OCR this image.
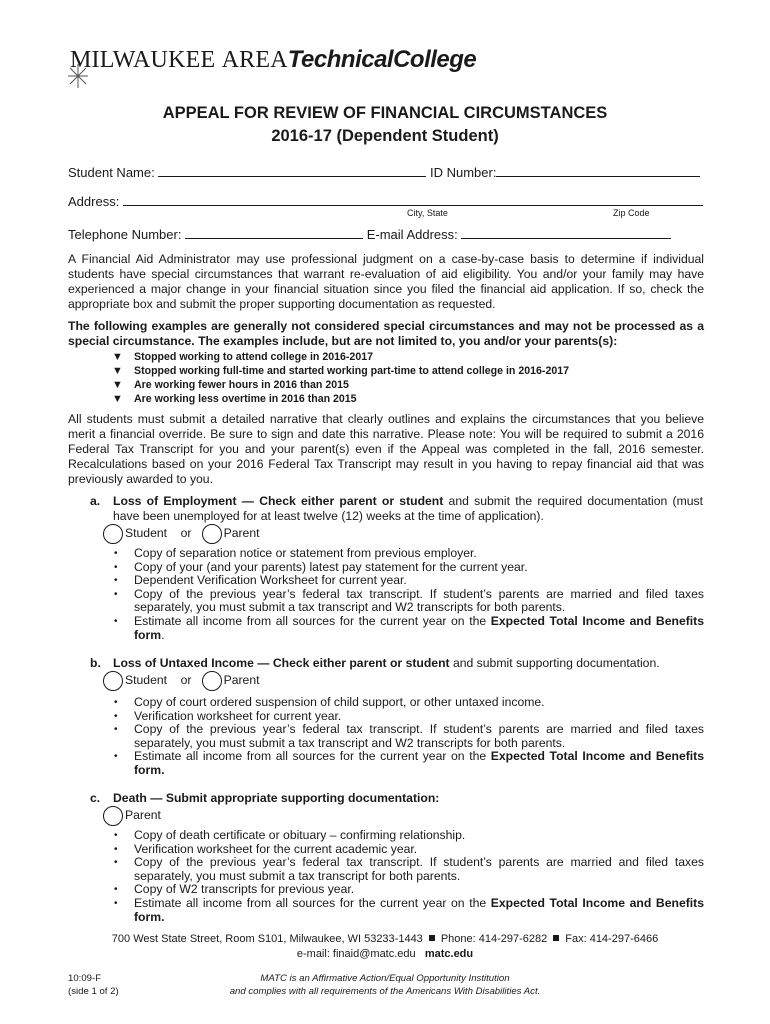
MILWAUKEE AREATechnicalCollege
APPEAL FOR REVIEW OF FINANCIAL CIRCUMSTANCES
2016-17 (Dependent Student)
Student Name:	ID Number:
Address:
City, State	Zip Code
Telephone Number:	E-mail Address:
A Financial Aid Administrator may use professional judgment on a case-by-case basis to determine if individual students have special circumstances that warrant re-evaluation of aid eligibility. You and/or your family may have experienced a major change in your financial situation since you filed the financial aid application. If so, check the appropriate box and submit the proper supporting documentation as requested.
The following examples are generally not considered special circumstances and may not be processed as a special circumstance. The examples include, but are not limited to, you and/or your parents(s):
▼ Stopped working to attend college in 2016-2017
▼ Stopped working full-time and started working part-time to attend college in 2016-2017
▼ Are working fewer hours in 2016 than 2015
▼ Are working less overtime in 2016 than 2015
All students must submit a detailed narrative that clearly outlines and explains the circumstances that you believe merit a financial override. Be sure to sign and date this narrative. Please note: You will be required to submit a 2016 Federal Tax Transcript for you and your parent(s) even if the Appeal was completed in the fall, 2016 semester. Recalculations based on your 2016 Federal Tax Transcript may result in you having to repay financial aid that was previously awarded to you.
a. Loss of Employment — Check either parent or student and submit the required documentation (must have been unemployed for at least twelve (12) weeks at the time of application).
Student or	Parent
• Copy of separation notice or statement from previous employer.
• Copy of your (and your parents) latest pay statement for the current year.
• Dependent Verification Worksheet for current year.
• Copy of the previous year’s federal tax transcript. If student’s parents are married and filed taxes separately, you must submit a tax transcript and W2 transcripts for both parents.
• Estimate all income from all sources for the current year on the Expected Total Income and Benefits form.
b. Loss of Untaxed Income — Check either parent or student and submit supporting documentation.
Student or	Parent
• Copy of court ordered suspension of child support, or other untaxed income.
• Verification worksheet for current year.
• Copy of the previous year’s federal tax transcript. If student’s parents are married and filed taxes separately, you must submit a tax transcript and W2 transcripts for both parents.
• Estimate all income from all sources for the current year on the Expected Total Income and Benefits form.
c. Death — Submit appropriate supporting documentation:
Parent
• Copy of death certificate or obituary – confirming relationship.
• Verification worksheet for the current academic year.
• Copy of the previous year’s federal tax transcript. If student’s parents are married and filed taxes separately, you must submit a tax transcript for both parents.
• Copy of W2 transcripts for previous year.
• Estimate all income from all sources for the current year on the Expected Total Income and Benefits form.
700 West State Street, Room S101, Milwaukee, WI 53233-1443 Phone: 414-297-6282 Fax: 414-297-6466
e-mail: finaid@matc.edu matc.edu
10:09-F
(side 1 of 2)
MATC is an Affirmative Action/Equal Opportunity Institution
and complies with all requirements of the Americans With Disabilities Act.
